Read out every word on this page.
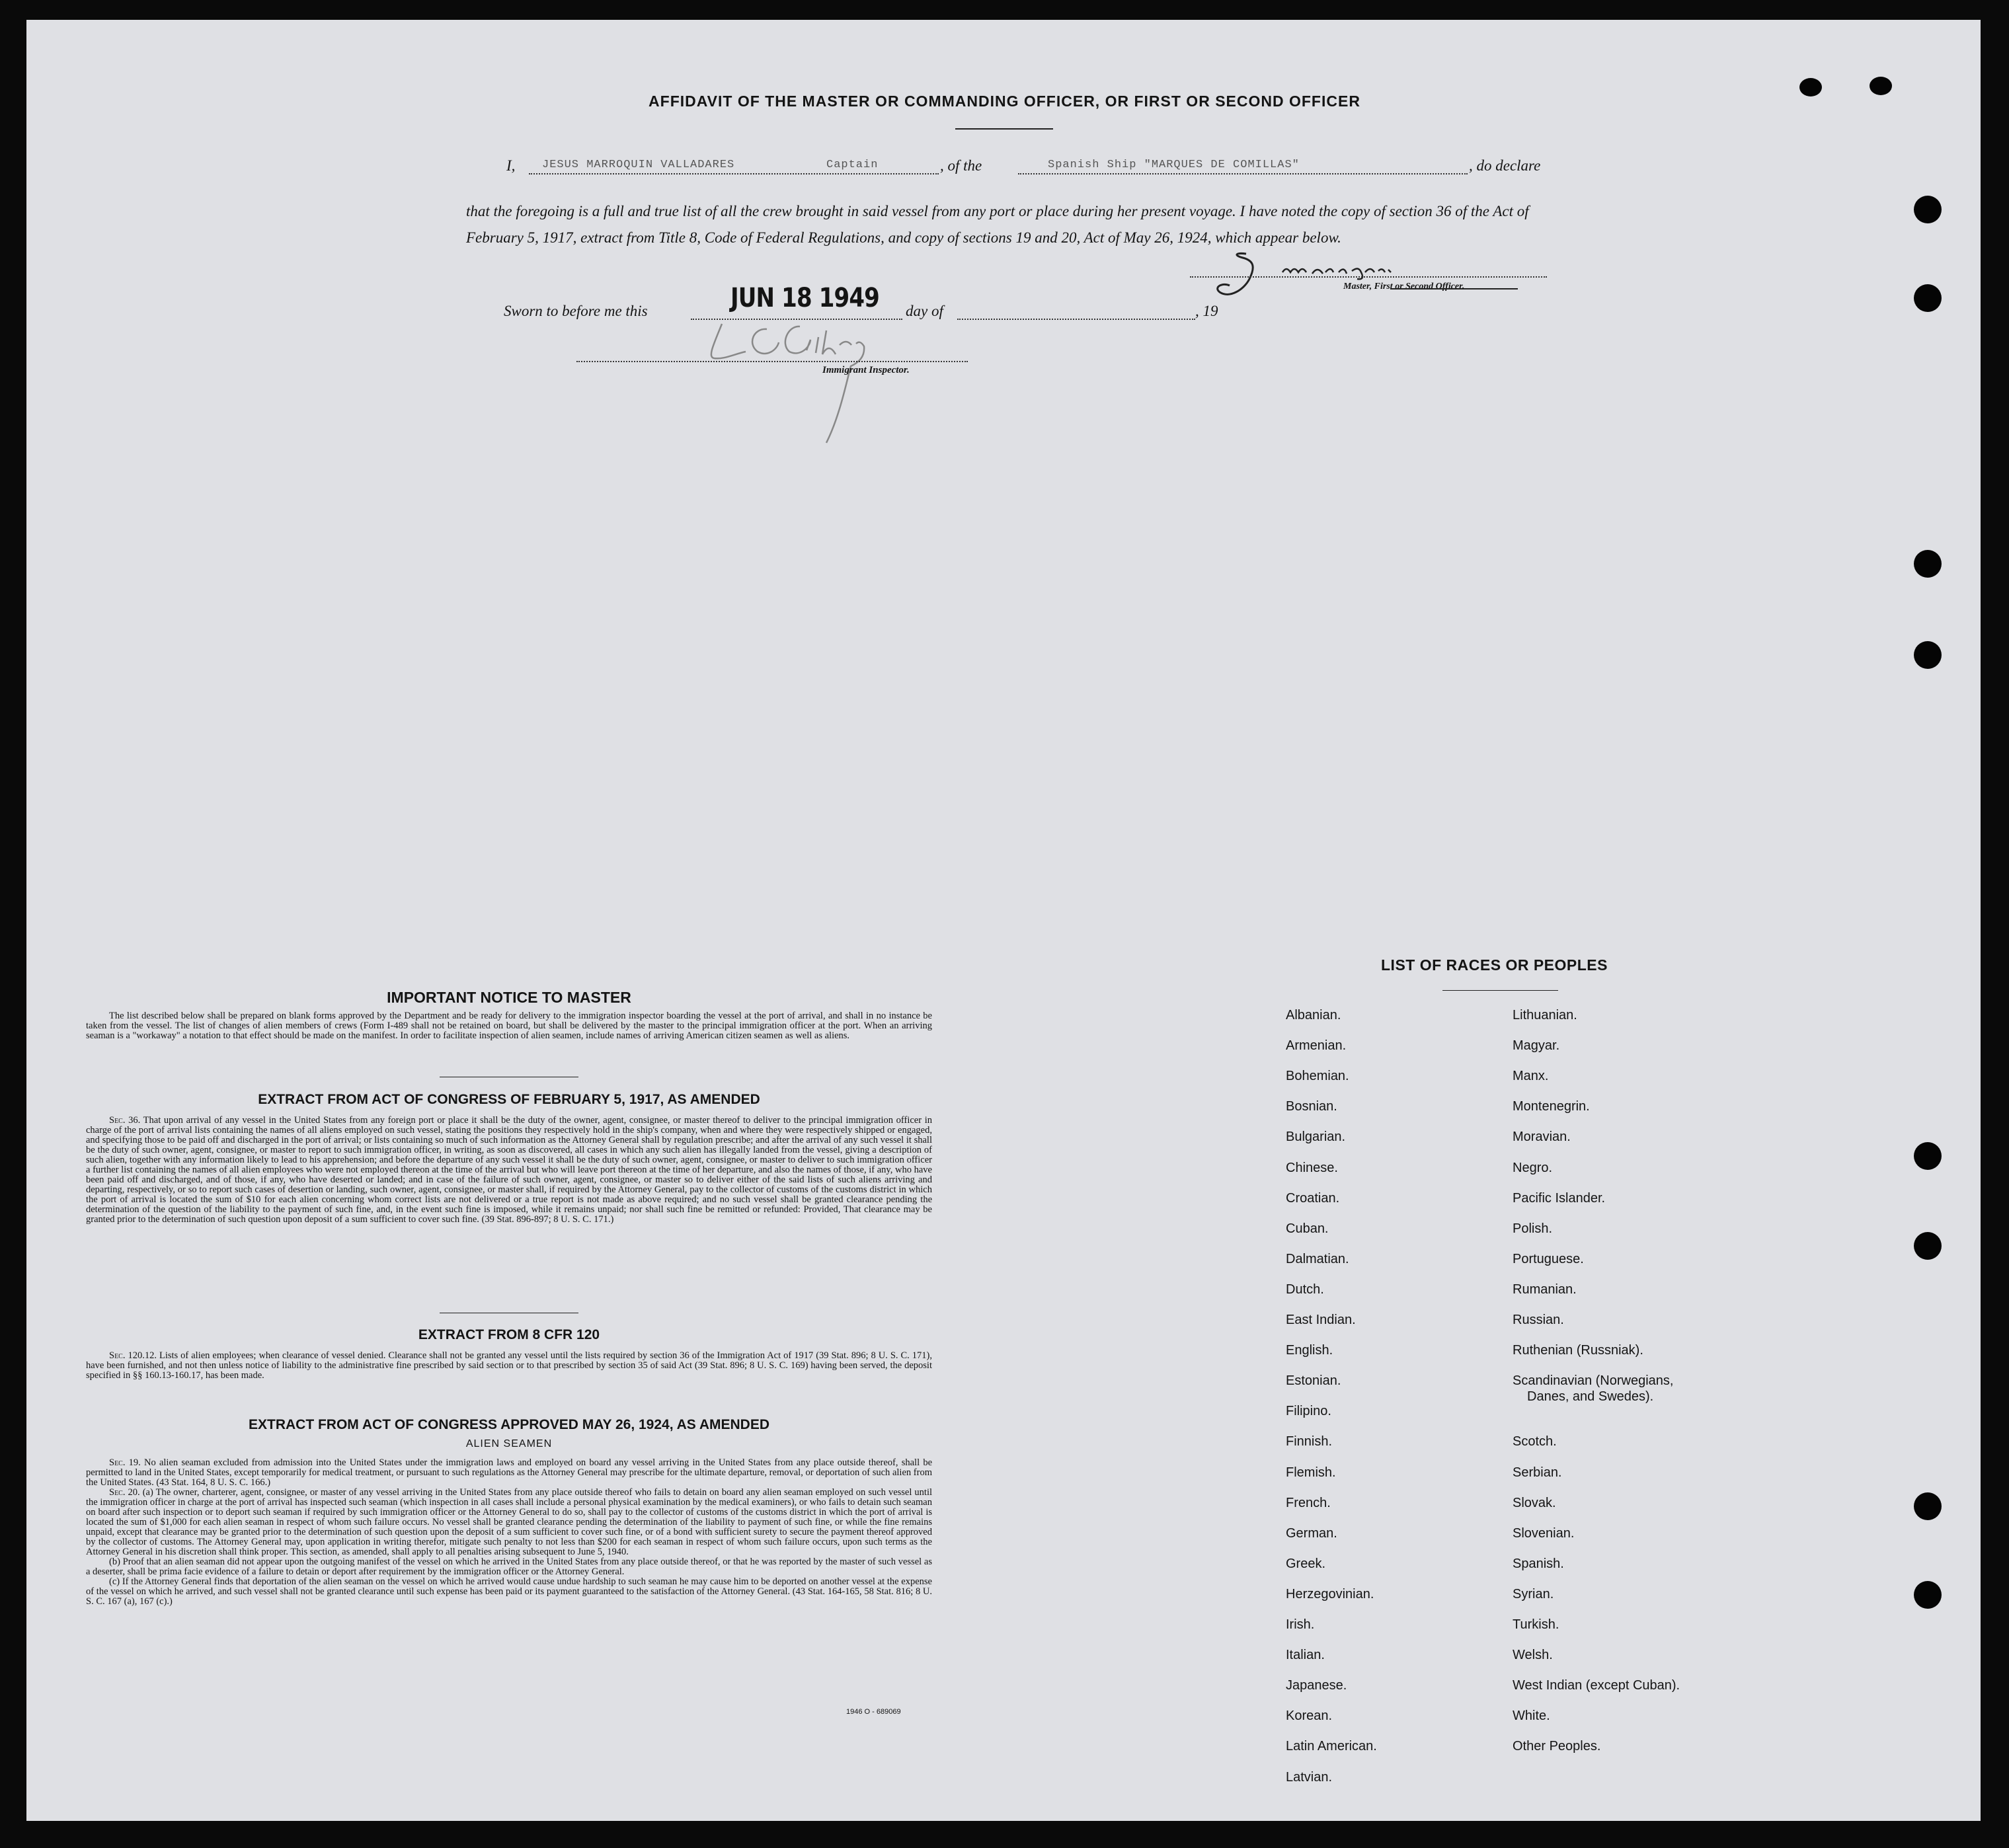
AFFIDAVIT OF THE MASTER OR COMMANDING OFFICER, OR FIRST OR SECOND OFFICER
I, JESUS MARROQUIN VALLADARES	Captain	, of the	Spanish Ship "MARQUES DE COMILLAS"	, do declare
that the foregoing is a full and true list of all the crew brought in said vessel from any port or place during her present voyage. I have noted the copy of section 36 of the Act of February 5, 1917, extract from Title 8, Code of Federal Regulations, and copy of sections 19 and 20, Act of May 26, 1924, which appear below.
Master, First or Second Officer.
Sworn to before me this	JUN 18 1949 day of	, 19
Immigrant Inspector.
IMPORTANT NOTICE TO MASTER

The list described below shall be prepared on blank forms approved by the Department and be ready for delivery to the immigration inspector boarding the vessel at the port of arrival, and shall in no instance be taken from the vessel. The list of changes of alien members of crews (Form I-489 shall not be retained on board, but shall be delivered by the master to the principal immigration officer at the port. When an arriving seaman is a "workaway" a notation to that effect should be made on the manifest. In order to facilitate inspection of alien seamen, include names of arriving American citizen seamen as well as aliens.

EXTRACT FROM ACT OF CONGRESS OF FEBRUARY 5, 1917, AS AMENDED

Sec. 36. That upon arrival of any vessel in the United States from any foreign port or place it shall be the duty of the owner, agent, consignee, or master thereof to deliver to the principal immigration officer in charge of the port of arrival lists containing the names of all aliens employed on such vessel, stating the positions they respectively hold in the ship's company, when and where they were respectively shipped or engaged, and specifying those to be paid off and discharged in the port of arrival; or lists containing so much of such information as the Attorney General shall by regulation prescribe; and after the arrival of any such vessel it shall be the duty of such owner, agent, consignee, or master to report to such immigration officer, in writing, as soon as discovered, all cases in which any such alien has illegally landed from the vessel, giving a description of such alien, together with any information likely to lead to his apprehension; and before the departure of any such vessel it shall be the duty of such owner, agent, consignee, or master to deliver to such immigration officer a further list containing the names of all alien employees who were not employed thereon at the time of the arrival but who will leave port thereon at the time of her departure, and also the names of those, if any, who have been paid off and discharged, and of those, if any, who have deserted or landed; and in case of the failure of such owner, agent, consignee, or master so to deliver either of the said lists of such aliens arriving and departing, respectively, or so to report such cases of desertion or landing, such owner, agent, consignee, or master shall, if required by the Attorney General, pay to the collector of customs of the customs district in which the port of arrival is located the sum of $10 for each alien concerning whom correct lists are not delivered or a true report is not made as above required; and no such vessel shall be granted clearance pending the determination of the question of the liability to the payment of such fine, and, in the event such fine is imposed, while it remains unpaid; nor shall such fine be remitted or refunded: Provided, That clearance may be granted prior to the determination of such question upon deposit of a sum sufficient to cover such fine. (39 Stat. 896-897; 8 U. S. C. 171.)

EXTRACT FROM 8 CFR 120

Sec. 120.12. Lists of alien employees; when clearance of vessel denied. Clearance shall not be granted any vessel until the lists required by section 36 of the Immigration Act of 1917 (39 Stat. 896; 8 U. S. C. 171), have been furnished, and not then unless notice of liability to the administrative fine prescribed by said section or to that prescribed by section 35 of said Act (39 Stat. 896; 8 U. S. C. 169) having been served, the deposit specified in §§ 160.13-160.17, has been made.

EXTRACT FROM ACT OF CONGRESS APPROVED MAY 26, 1924, AS AMENDED
ALIEN SEAMEN

Sec. 19. No alien seaman excluded from admission into the United States under the immigration laws and employed on board any vessel arriving in the United States from any place outside thereof, shall be permitted to land in the United States, except temporarily for medical treatment, or pursuant to such regulations as the Attorney General may prescribe for the ultimate departure, removal, or deportation of such alien from the United States. (43 Stat. 164, 8 U. S. C. 166.)

Sec. 20. (a) The owner, charterer, agent, consignee, or master of any vessel arriving in the United States from any place outside thereof who fails to detain on board any alien seaman employed on such vessel until the immigration officer in charge at the port of arrival has inspected such seaman (which inspection in all cases shall include a personal physical examination by the medical examiners), or who fails to detain such seaman on board after such inspection or to deport such seaman if required by such immigration officer or the Attorney General to do so, shall pay to the collector of customs of the customs district in which the port of arrival is located the sum of $1,000 for each alien seaman in respect of whom such failure occurs. No vessel shall be granted clearance pending the determination of the liability to payment of such fine, or while the fine remains unpaid, except that clearance may be granted prior to the determination of such question upon the deposit of a sum sufficient to cover such fine, or of a bond with sufficient surety to secure the payment thereof approved by the collector of customs. The Attorney General may, upon application in writing therefor, mitigate such penalty to not less than $200 for each seaman in respect of whom such failure occurs, upon such terms as the Attorney General in his discretion shall think proper. This section, as amended, shall apply to all penalties arising subsequent to June 5, 1940.

(b) Proof that an alien seaman did not appear upon the outgoing manifest of the vessel on which he arrived in the United States from any place outside thereof, or that he was reported by the master of such vessel as a deserter, shall be prima facie evidence of a failure to detain or deport after requirement by the immigration officer or the Attorney General.

(c) If the Attorney General finds that deportation of the alien seaman on the vessel on which he arrived would cause undue hardship to such seaman he may cause him to be deported on another vessel at the expense of the vessel on which he arrived, and such vessel shall not be granted clearance until such expense has been paid or its payment guaranteed to the satisfaction of the Attorney General. (43 Stat. 164-165, 58 Stat. 816; 8 U. S. C. 167 (a), 167 (c).)

1946 O - 689069
LIST OF RACES OR PEOPLES
Albanian.
Armenian.
Bohemian.
Bosnian.
Bulgarian.
Chinese.
Croatian.
Cuban.
Dalmatian.
Dutch.
East Indian.
English.
Estonian.
Filipino.
Finnish.
Flemish.
French.
German.
Greek.
Herzegovinian.
Irish.
Italian.
Japanese.
Korean.
Latin American.
Latvian.
Lithuanian.
Magyar.
Manx.
Montenegrin.
Moravian.
Negro.
Pacific Islander.
Polish.
Portuguese.
Rumanian.
Russian.
Ruthenian (Russniak).
Scandinavian (Norwegians,
Danes, and Swedes).
Scotch.
Serbian.
Slovak.
Slovenian.
Spanish.
Syrian.
Turkish.
Welsh.
West Indian (except Cuban).
White.
Other Peoples.
